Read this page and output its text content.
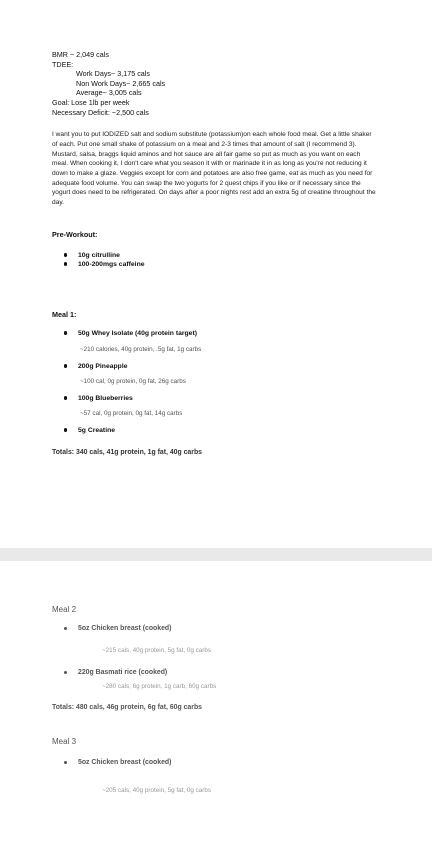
BMR ~ 2,049 cals
TDEE:
Work Days~ 3,175 cals
Non Work Days~ 2,665 cals
Average~ 3,005 cals
Goal: Lose 1lb per week
Necessary Deficit: ~2,500 cals
I want you to put IODIZED salt and sodium substitute (potassium)on each whole food meal. Get a little shaker of each. Put one small shake of potassium on a meal and 2-3 times that amount of salt (I recommend 3). Mustard, salsa, braggs liquid aminos and hot sauce are all fair game so put as much as you want on each meal. When cooking it, I don't care what you season it with or marinade it in as long as you're not reducing it down to make a glaze. Veggies except for corn and potatoes are also free game, eat as much as you need for adequate food volume. You can swap the two yogurts for 2 quest chips if you like or if necessary since the yogurt does need to be refrigerated. On days after a poor nights rest add an extra 5g of creatine throughout the day.
Pre-Workout:
10g citrulline
100-200mgs caffeine
Meal 1:
50g Whey Isolate (40g protein target)
~210 calories, 40g protein, .5g fat, 1g carbs
200g Pineapple
~100 cal, 0g protein, 0g fat, 26g carbs
100g Blueberries
~57 cal, 0g protein, 0g fat, 14g carbs
5g Creatine
Totals: 340 cals, 41g protein, 1g fat, 40g carbs
Meal 2
5oz Chicken breast (cooked)
~215 cals, 40g protein, 5g fat, 0g carbs
220g Basmati rice (cooked)
~280 cals, 6g protein, 1g carb, 60g carbs
Totals: 480 cals, 46g protein, 6g fat, 60g carbs
Meal 3
5oz Chicken breast (cooked)
~205 cals, 40g protein, 5g fat, 0g carbs
